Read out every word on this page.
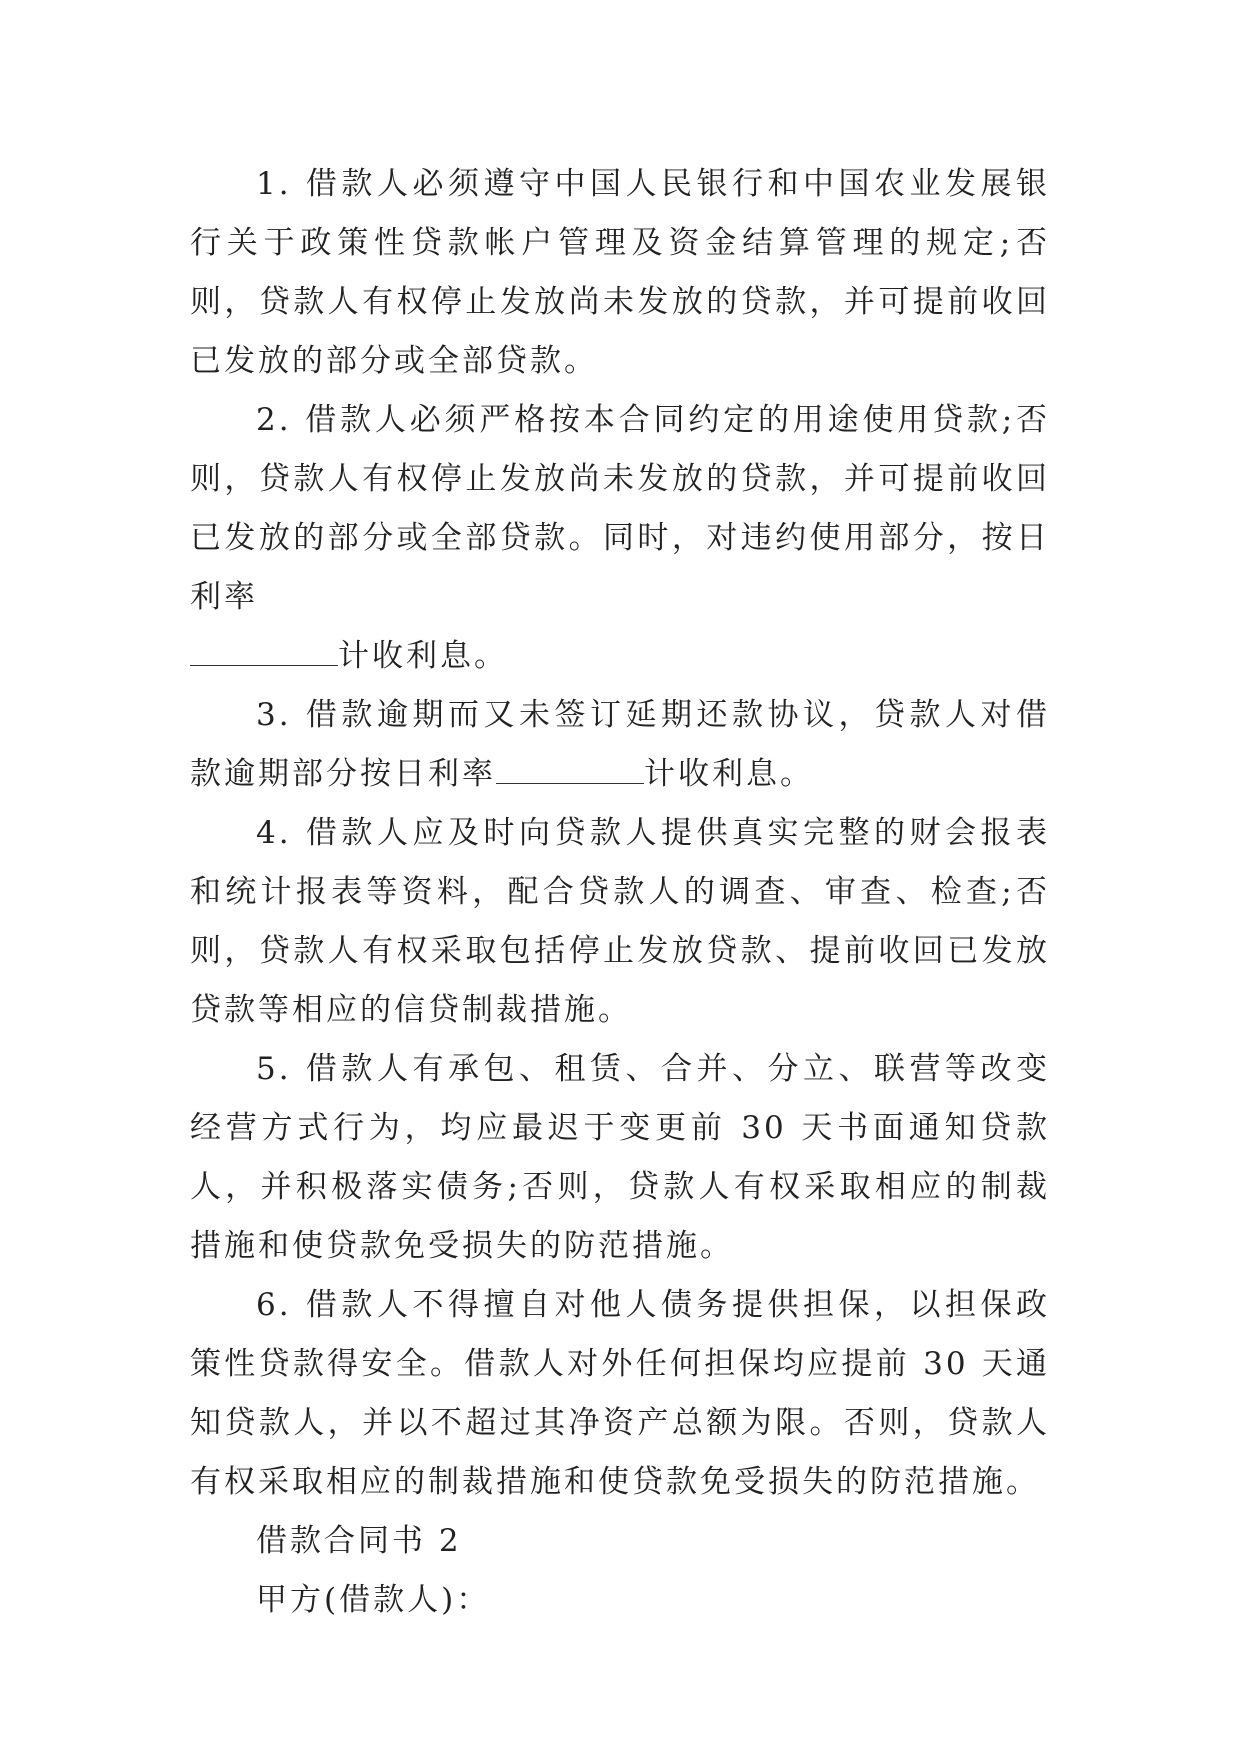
1. 借款人必须遵守中国人民银行和中国农业发展银行关于政策性贷款帐户管理及资金结算管理的规定;否则，贷款人有权停止发放尚未发放的贷款，并可提前收回已发放的部分或全部贷款。

2. 借款人必须严格按本合同约定的用途使用贷款;否则，贷款人有权停止发放尚未发放的贷款，并可提前收回已发放的部分或全部贷款。同时，对违约使用部分，按日利率
计收利息。

3. 借款逾期而又未签订延期还款协议，贷款人对借款逾期部分按日利率	计收利息。

4. 借款人应及时向贷款人提供真实完整的财会报表和统计报表等资料，配合贷款人的调查、审查、检查;否则，贷款人有权采取包括停止发放贷款、提前收回已发放贷款等相应的信贷制裁措施。

5. 借款人有承包、租赁、合并、分立、联营等改变经营方式行为，均应最迟于变更前 30 天书面通知贷款人，并积极落实债务;否则，贷款人有权采取相应的制裁措施和使贷款免受损失的防范措施。

6. 借款人不得擅自对他人债务提供担保，以担保政策性贷款得安全。借款人对外任何担保均应提前 30 天通知贷款人，并以不超过其净资产总额为限。否则，贷款人有权采取相应的制裁措施和使贷款免受损失的防范措施。

借款合同书 2

甲方(借款人)：
